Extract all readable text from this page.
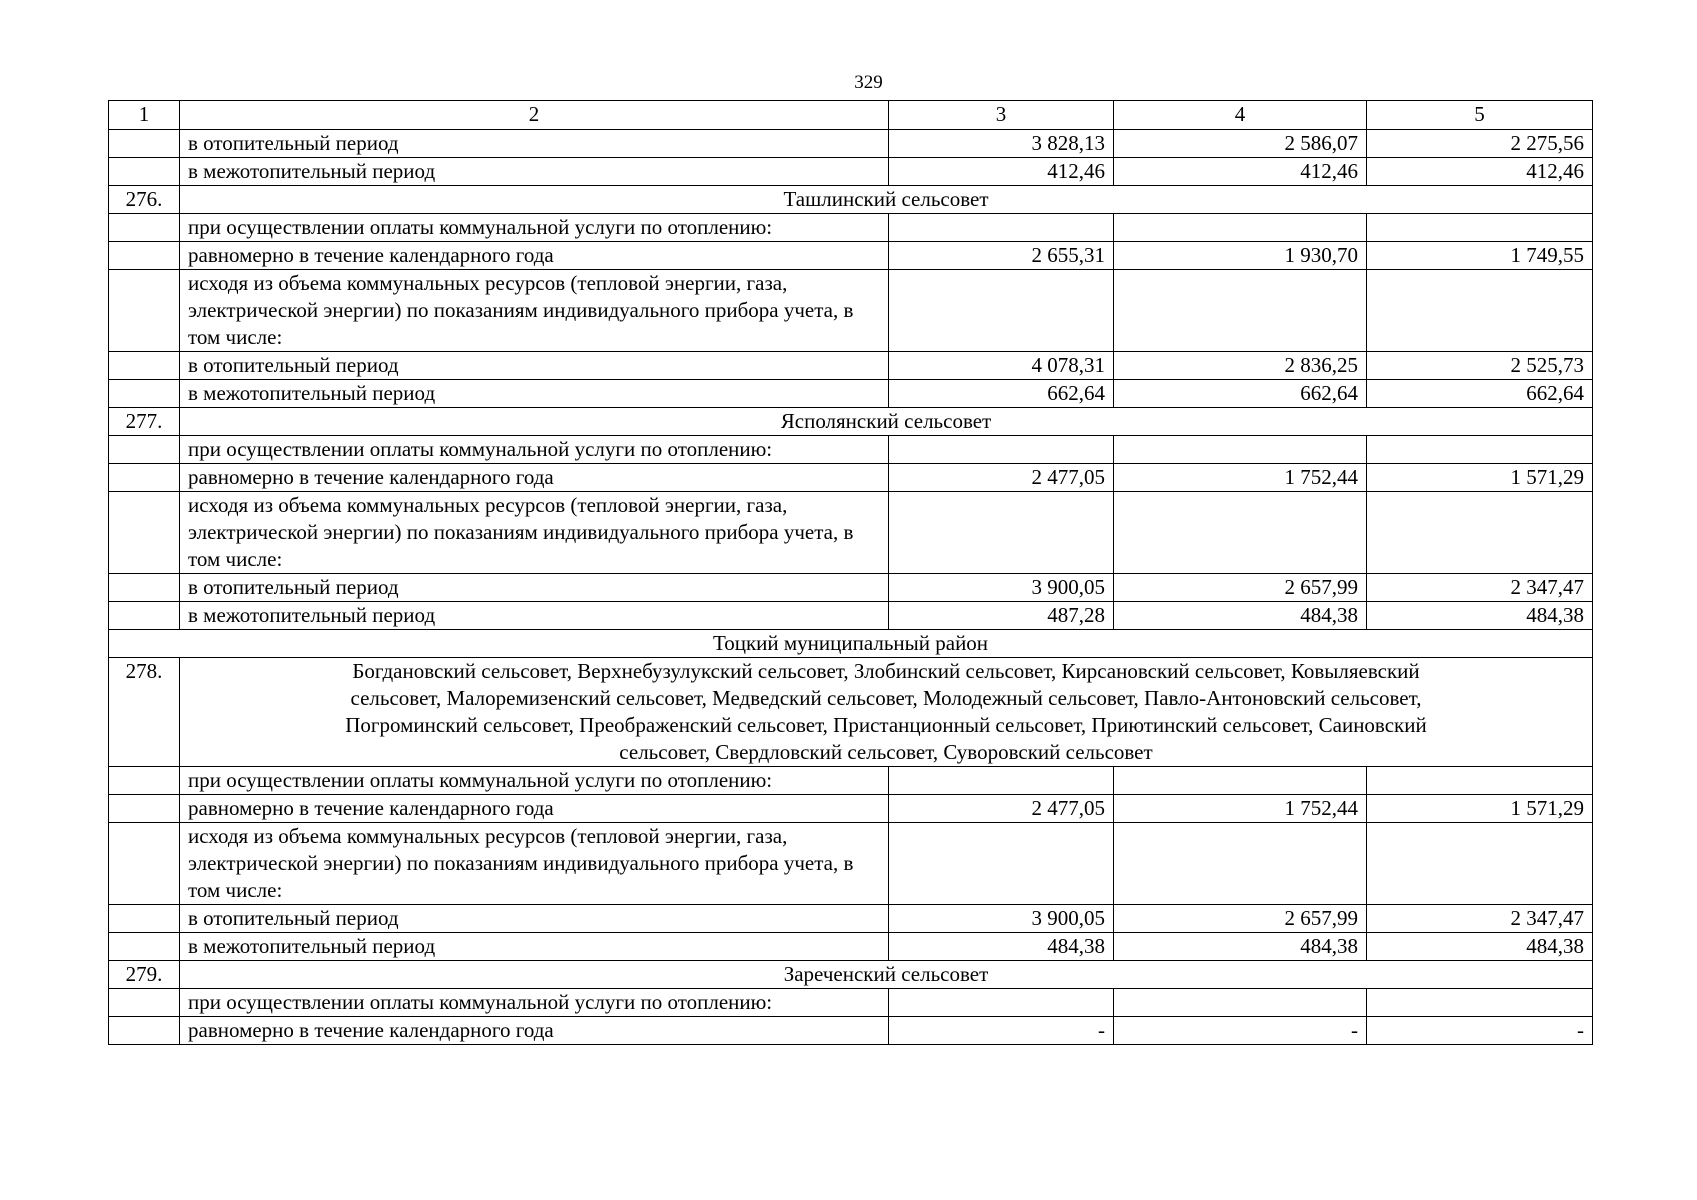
329
1	2	3	4	5
	в отопительный период	3 828,13	2 586,07	2 275,56
	в межотопительный период	412,46	412,46	412,46
276.	Ташлинский сельсовет			
	при осуществлении оплаты коммунальной услуги по отоплению:			
	равномерно в течение календарного года	2 655,31	1 930,70	1 749,55
	исходя из объема коммунальных ресурсов (тепловой энергии, газа, электрической энергии) по показаниям индивидуального прибора учета, в том числе:			
	в отопительный период	4 078,31	2 836,25	2 525,73
	в межотопительный период	662,64	662,64	662,64
277.	Ясполянский сельсовет			
	при осуществлении оплаты коммунальной услуги по отоплению:			
	равномерно в течение календарного года	2 477,05	1 752,44	1 571,29
	исходя из объема коммунальных ресурсов (тепловой энергии, газа, электрической энергии) по показаниям индивидуального прибора учета, в том числе:			
	в отопительный период	3 900,05	2 657,99	2 347,47
	в межотопительный период	487,28	484,38	484,38
Тоцкий муниципальный район				
278.	Богдановский сельсовет, Верхнебузулукский сельсовет, Злобинский сельсовет, Кирсановский сельсовет, Ковыляевский сельсовет, Малоремизенский сельсовет, Медведский сельсовет, Молодежный сельсовет, Павло-Антоновский сельсовет, Погроминский сельсовет, Преображенский сельсовет, Пристанционный сельсовет, Приютинский сельсовет, Саиновский сельсовет, Свердловский сельсовет, Суворовский сельсовет			
	при осуществлении оплаты коммунальной услуги по отоплению:			
	равномерно в течение календарного года	2 477,05	1 752,44	1 571,29
	исходя из объема коммунальных ресурсов (тепловой энергии, газа, электрической энергии) по показаниям индивидуального прибора учета, в том числе:			
	в отопительный период	3 900,05	2 657,99	2 347,47
	в межотопительный период	484,38	484,38	484,38
279.	Зареченский сельсовет			
	при осуществлении оплаты коммунальной услуги по отоплению:			
	равномерно в течение календарного года	-	-	-
